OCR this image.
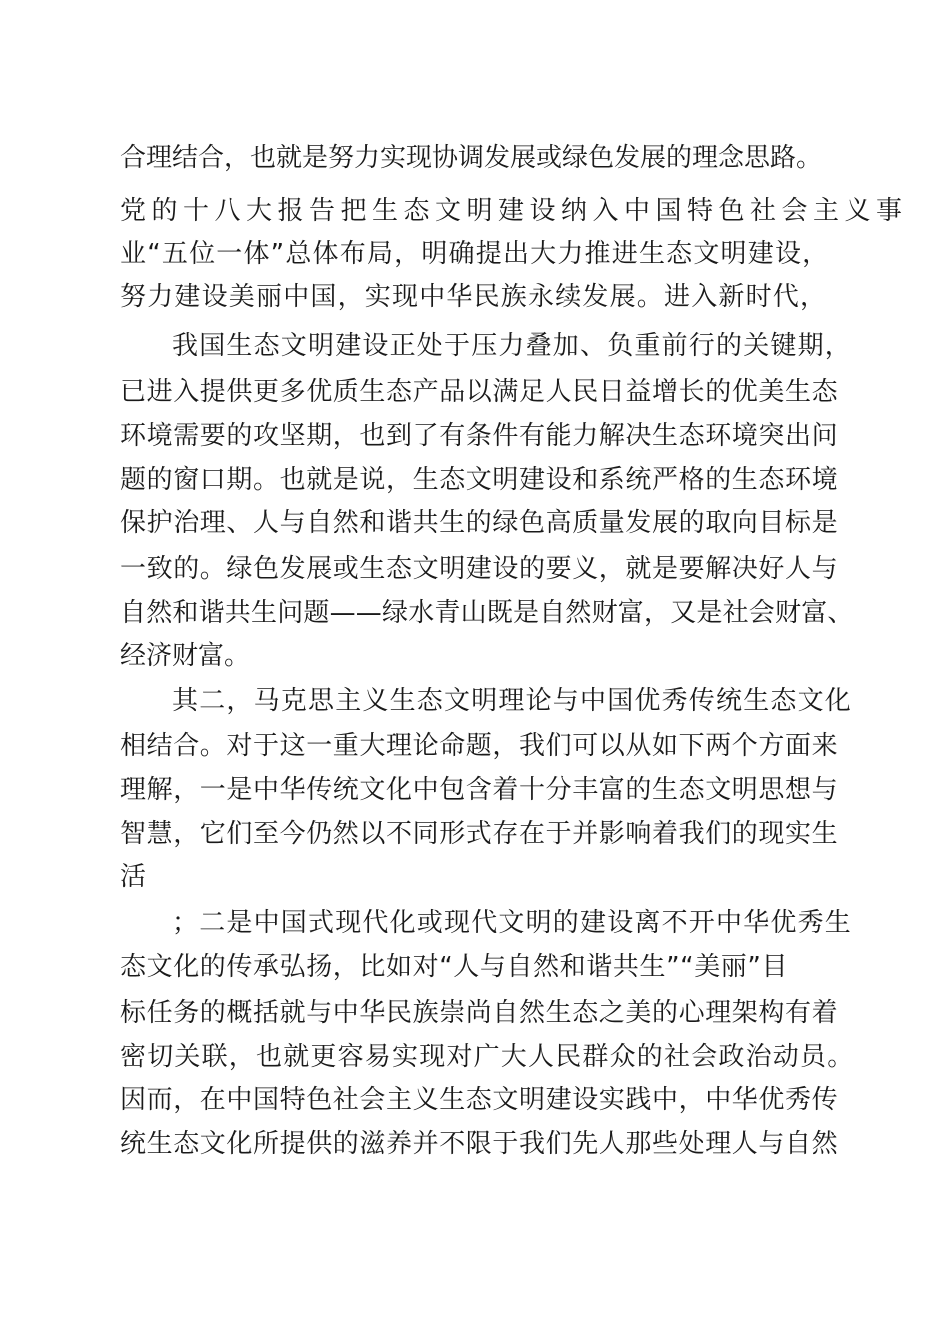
合理结合，也就是努力实现协调发展或绿色发展的理念思路。
党的十八大报告把生态文明建设纳入中国特色社会主义事
业“五位一体”总体布局，明确提出大力推进生态文明建设，
努力建设美丽中国，实现中华民族永续发展。进入新时代，
我国生态文明建设正处于压力叠加、负重前行的关键期，
已进入提供更多优质生态产品以满足人民日益增长的优美生态
环境需要的攻坚期，也到了有条件有能力解决生态环境突出问
题的窗口期。也就是说，生态文明建设和系统严格的生态环境
保护治理、人与自然和谐共生的绿色高质量发展的取向目标是
一致的。绿色发展或生态文明建设的要义，就是要解决好人与
自然和谐共生问题——绿水青山既是自然财富，又是社会财富、
经济财富。
其二，马克思主义生态文明理论与中国优秀传统生态文化
相结合。对于这一重大理论命题，我们可以从如下两个方面来
理解，一是中华传统文化中包含着十分丰富的生态文明思想与
智慧，它们至今仍然以不同形式存在于并影响着我们的现实生
活
；二是中国式现代化或现代文明的建设离不开中华优秀生
态文化的传承弘扬，比如对“人与自然和谐共生”“美丽”目
标任务的概括就与中华民族崇尚自然生态之美的心理架构有着
密切关联，也就更容易实现对广大人民群众的社会政治动员。
因而，在中国特色社会主义生态文明建设实践中，中华优秀传
统生态文化所提供的滋养并不限于我们先人那些处理人与自然
